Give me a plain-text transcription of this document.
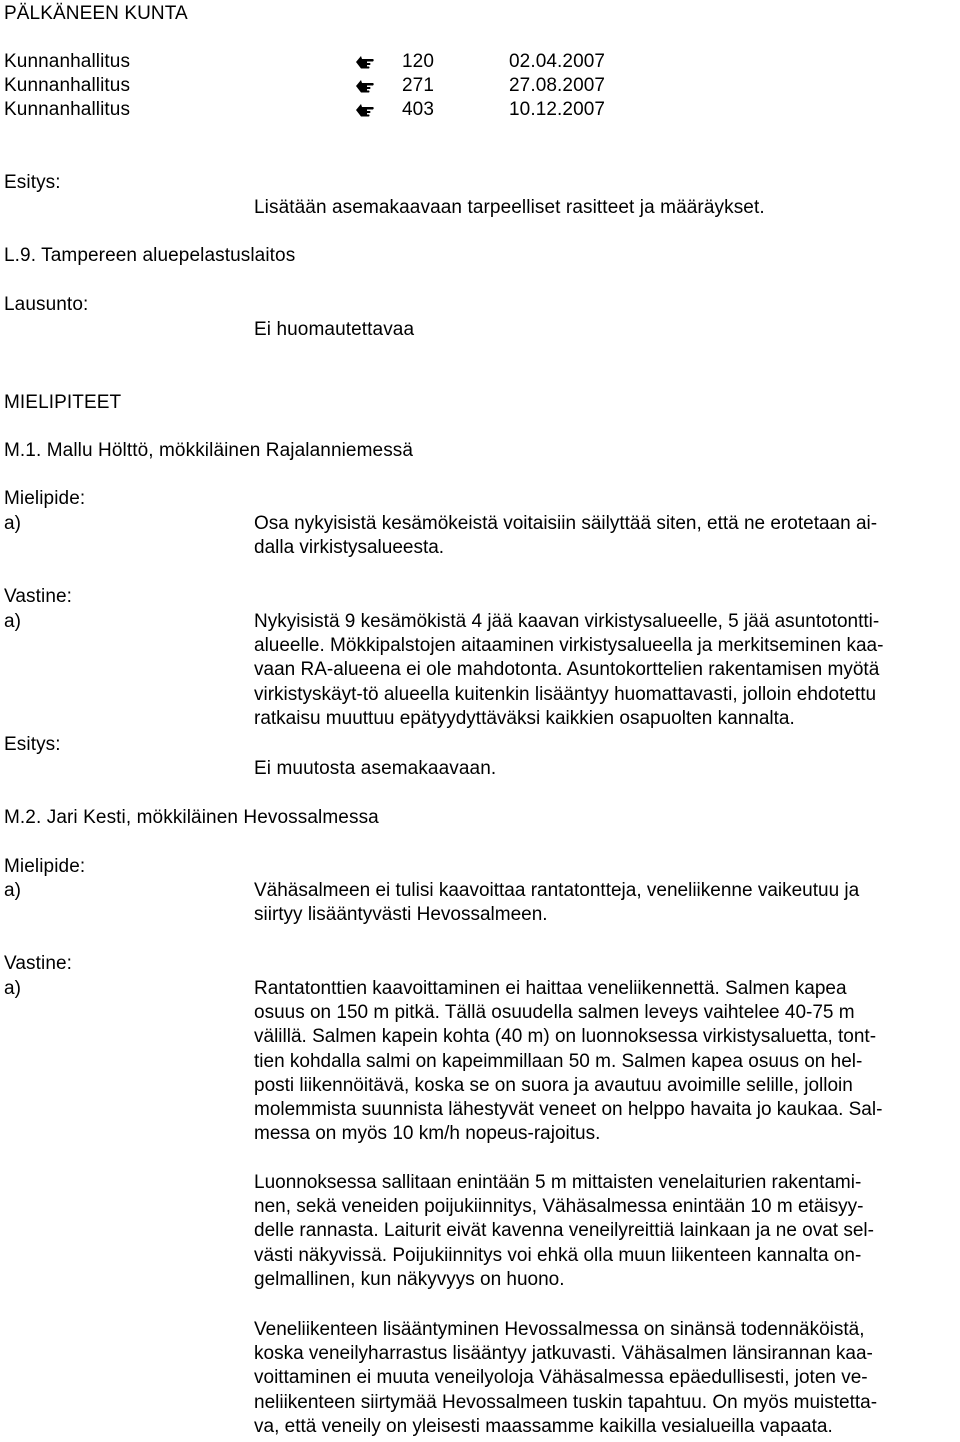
PÄLKÄNEEN KUNTA
Kunnanhallitus	120	02.04.2007
Kunnanhallitus	271	27.08.2007
Kunnanhallitus	403	10.12.2007
Esitys:
Lisätään asemakaavaan tarpeelliset rasitteet ja määräykset.
L.9. Tampereen aluepelastuslaitos
Lausunto:
Ei huomautettavaa
MIELIPITEET
M.1. Mallu Hölttö, mökkiläinen Rajalanniemessä
Mielipide:
a)	Osa nykyisistä kesämökeistä voitaisiin säilyttää siten, että ne erotetaan ai-
dalla virkistysalueesta.
Vastine:
a)	Nykyisistä 9 kesämökistä 4 jää kaavan virkistysalueelle, 5 jää asuntotontti-
alueelle. Mökkipalstojen aitaaminen virkistysalueella ja merkitseminen kaa-
vaan RA-alueena ei ole mahdotonta. Asuntokorttelien rakentamisen myötä
virkistyskäyt-tö alueella kuitenkin lisääntyy huomattavasti, jolloin ehdotettu
ratkaisu muuttuu epätyydyttäväksi kaikkien osapuolten kannalta.
Esitys:
Ei muutosta asemakaavaan.
M.2. Jari Kesti, mökkiläinen Hevossalmessa
Mielipide:
a)	Vähäsalmeen ei tulisi kaavoittaa rantatontteja, veneliikenne vaikeutuu ja
siirtyy lisääntyvästi Hevossalmeen.
Vastine:
a)	Rantatonttien kaavoittaminen ei haittaa veneliikennettä. Salmen kapea
osuus on 150 m pitkä. Tällä osuudella salmen leveys vaihtelee 40-75 m
välillä. Salmen kapein kohta (40 m) on luonnoksessa virkistysaluetta, tont-
tien kohdalla salmi on kapeimmillaan 50 m. Salmen kapea osuus on hel-
posti liikennöitävä, koska se on suora ja avautuu avoimille selille, jolloin
molemmista suunnista lähestyvät veneet on helppo havaita jo kaukaa. Sal-
messa on myös 10 km/h nopeus-rajoitus.
Luonnoksessa sallitaan enintään 5 m mittaisten venelaiturien rakentami-
nen, sekä veneiden poijukiinnitys, Vähäsalmessa enintään 10 m etäisyy-
delle rannasta. Laiturit eivät kavenna veneilyreittiä lainkaan ja ne ovat sel-
västi näkyvissä. Poijukiinnitys voi ehkä olla muun liikenteen kannalta on-
gelmallinen, kun näkyvyys on huono.
Veneliikenteen lisääntyminen Hevossalmessa on sinänsä todennäköistä,
koska veneilyharrastus lisääntyy jatkuvasti. Vähäsalmen länsirannan kaa-
voittaminen ei muuta veneilyoloja Vähäsalmessa epäedullisesti, joten ve-
neliikenteen siirtymää Hevossalmeen tuskin tapahtuu. On myös muistetta-
va, että veneily on yleisesti maassamme kaikilla vesialueilla vapaata.
